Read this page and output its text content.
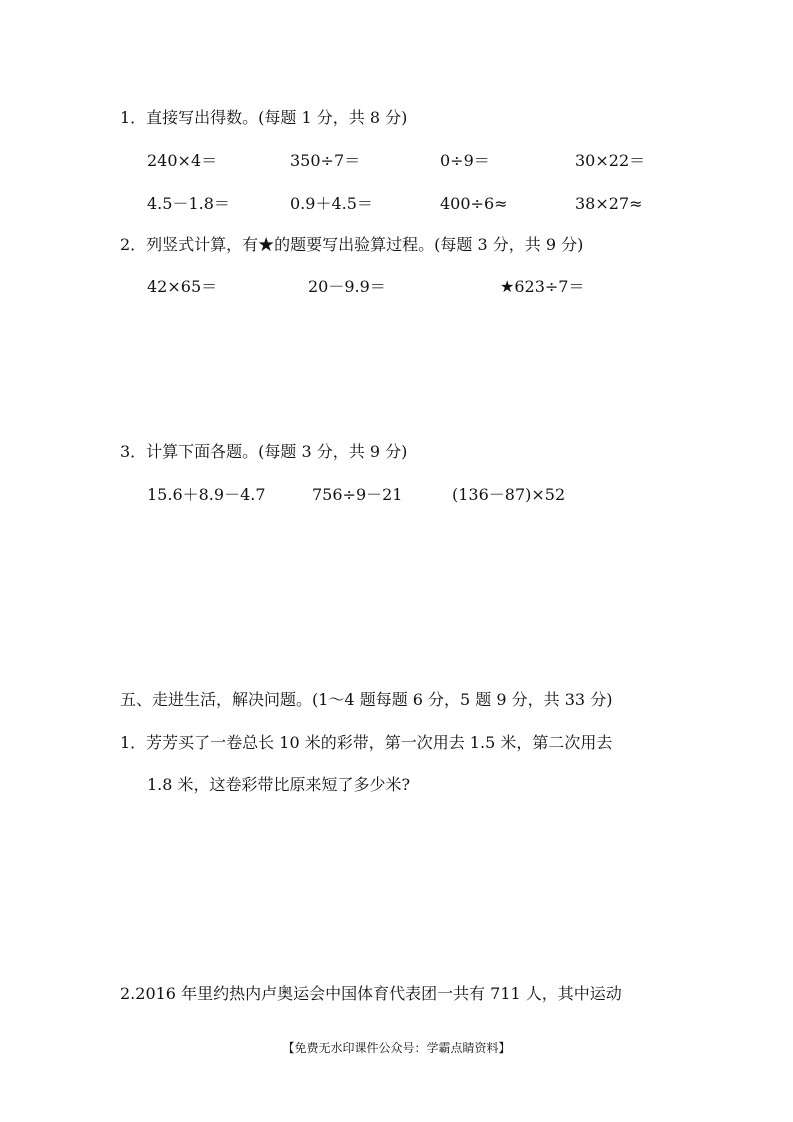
1．直接写出得数。(每题 1 分，共 8 分)
240×4＝	350÷7＝	0÷9＝	30×22＝
4.5－1.8＝	0.9＋4.5＝	400÷6≈	38×27≈
2．列竖式计算，有★的题要写出验算过程。(每题 3 分，共 9 分)
42×65＝	20－9.9＝	★623÷7＝
3．计算下面各题。(每题 3 分，共 9 分)
15.6＋8.9－4.7	756÷9－21	(136－87)×52
五、走进生活，解决问题。(1～4 题每题 6 分，5 题 9 分，共 33 分)
1．芳芳买了一卷总长 10 米的彩带，第一次用去 1.5 米，第二次用去
1.8 米，这卷彩带比原来短了多少米?
2.2016 年里约热内卢奥运会中国体育代表团一共有 711 人，其中运动
【免费无水印课件公众号：学霸点睛资料】
